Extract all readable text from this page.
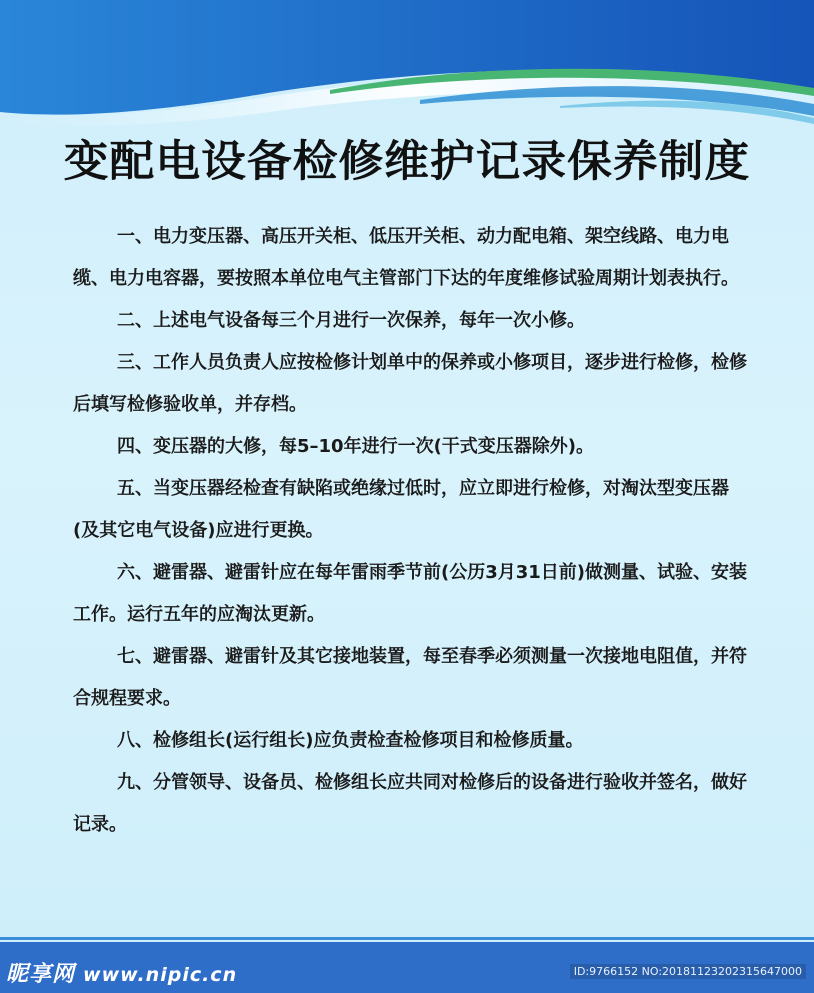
变配电设备检修维护记录保养制度

一、电力变压器、高压开关柜、低压开关柜、动力配电箱、架空线路、电力电缆、电力电容器，要按照本单位电气主管部门下达的年度维修试验周期计划表执行。

二、上述电气设备每三个月进行一次保养，每年一次小修。

三、工作人员负责人应按检修计划单中的保养或小修项目，逐步进行检修，检修后填写检修验收单，并存档。

四、变压器的大修，每5–10年进行一次(干式变压器除外)。

五、当变压器经检查有缺陷或绝缘过低时，应立即进行检修，对淘汰型变压器(及其它电气设备)应进行更换。

六、避雷器、避雷针应在每年雷雨季节前(公历3月31日前)做测量、试验、安装工作。运行五年的应淘汰更新。

七、避雷器、避雷针及其它接地装置，每至春季必须测量一次接地电阻值，并符合规程要求。

八、检修组长(运行组长)应负责检查检修项目和检修质量。

九、分管领导、设备员、检修组长应共同对检修后的设备进行验收并签名，做好记录。

昵享网 www.nipic.cn	ID:9766152 NO:20181123202315647000
